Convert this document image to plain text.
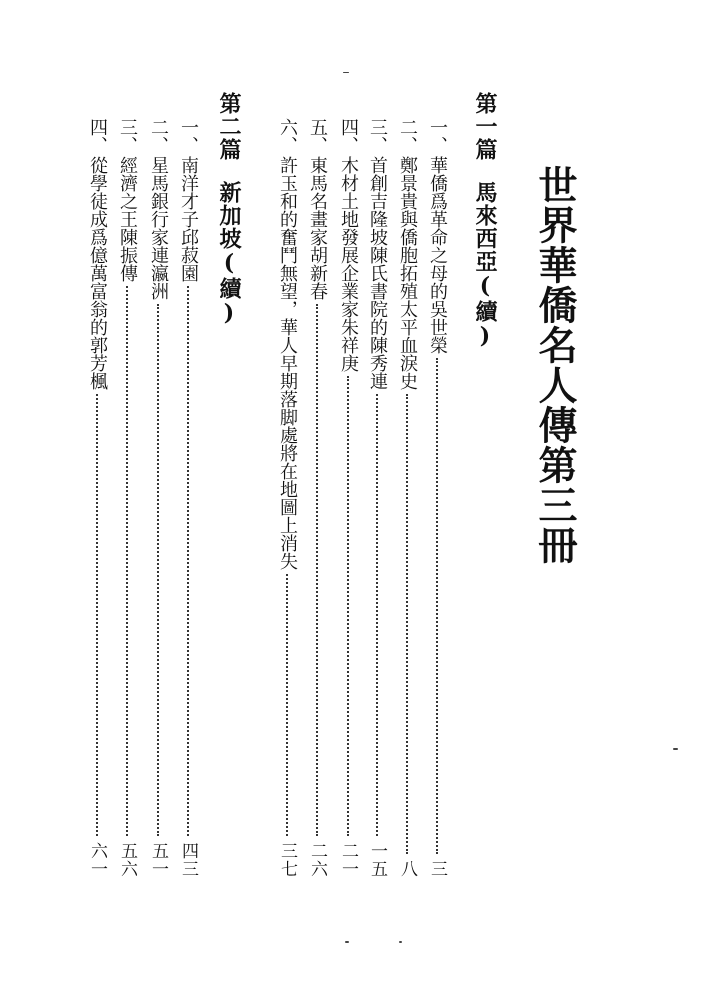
世界華僑名人傳第三冊
第一篇馬來西亞(續)
一
、
華僑爲革命之母的吳世榮
三
二
、
鄭景貴與僑胞拓殖太平血淚史
八
三
、
首創吉隆坡陳氏書院的陳秀連
一五
四
、
木材土地發展企業家朱祥庚
二一
五
、
東馬名畫家胡新春
二六
六
、
許玉和的奮鬥無望，華人早期落脚處將在地圖上消失
三七
第二篇新加坡(續)
一
、
南洋才子邱菽園
四三
二
、
星馬銀行家連瀛洲
五一
三
、
經濟之王陳振傳
五六
四
、
從學徒成爲億萬富翁的郭芳楓
六一
